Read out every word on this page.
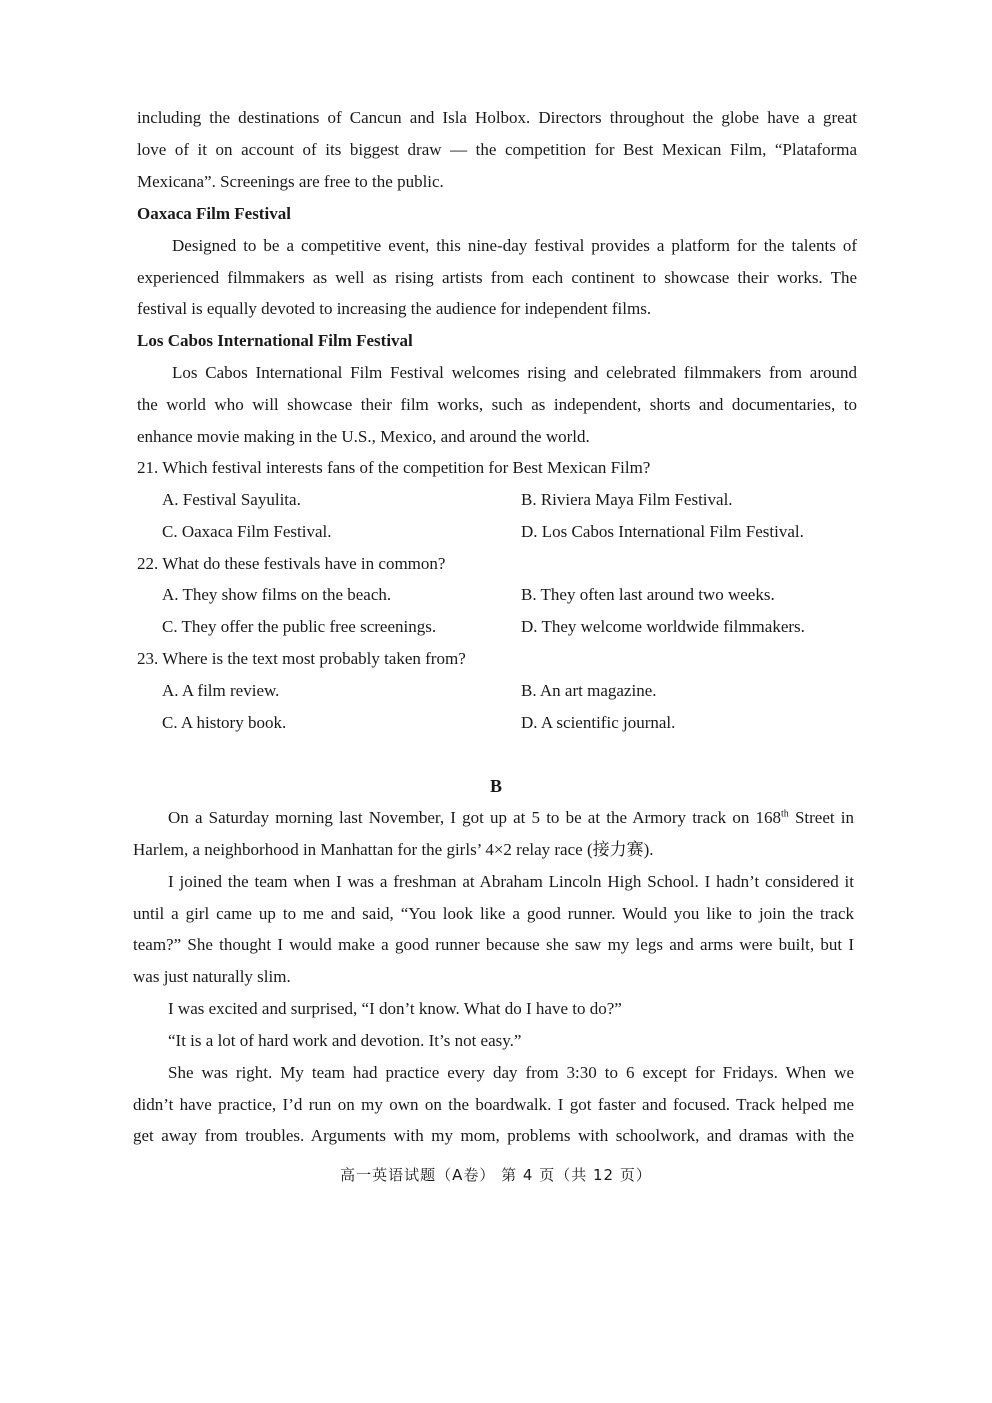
including the destinations of Cancun and Isla Holbox. Directors throughout the globe have a great
love of it on account of its biggest draw — the competition for Best Mexican Film, “Plataforma
Mexicana”. Screenings are free to the public.
Oaxaca Film Festival
Designed to be a competitive event, this nine-day festival provides a platform for the talents of
experienced filmmakers as well as rising artists from each continent to showcase their works. The
festival is equally devoted to increasing the audience for independent films.
Los Cabos International Film Festival
Los Cabos International Film Festival welcomes rising and celebrated filmmakers from around
the world who will showcase their film works, such as independent, shorts and documentaries, to
enhance movie making in the U.S., Mexico, and around the world.
21. Which festival interests fans of the competition for Best Mexican Film?
A. Festival Sayulita.	B. Riviera Maya Film Festival.
C. Oaxaca Film Festival.	D. Los Cabos International Film Festival.
22. What do these festivals have in common?
A. They show films on the beach.	B. They often last around two weeks.
C. They offer the public free screenings.	D. They welcome worldwide filmmakers.
23. Where is the text most probably taken from?
A. A film review.	B. An art magazine.
C. A history book.	D. A scientific journal.
B
On a Saturday morning last November, I got up at 5 to be at the Armory track on 168th Street in
Harlem, a neighborhood in Manhattan for the girls’ 4×2 relay race (接力赛).
I joined the team when I was a freshman at Abraham Lincoln High School. I hadn’t considered it
until a girl came up to me and said, “You look like a good runner. Would you like to join the track
team?” She thought I would make a good runner because she saw my legs and arms were built, but I
was just naturally slim.
I was excited and surprised, “I don’t know. What do I have to do?”
“It is a lot of hard work and devotion. It’s not easy.”
She was right. My team had practice every day from 3:30 to 6 except for Fridays. When we
didn’t have practice, I’d run on my own on the boardwalk. I got faster and focused. Track helped me
get away from troubles. Arguments with my mom, problems with schoolwork, and dramas with the
高一英语试题（A卷） 第 4 页（共 12 页）
